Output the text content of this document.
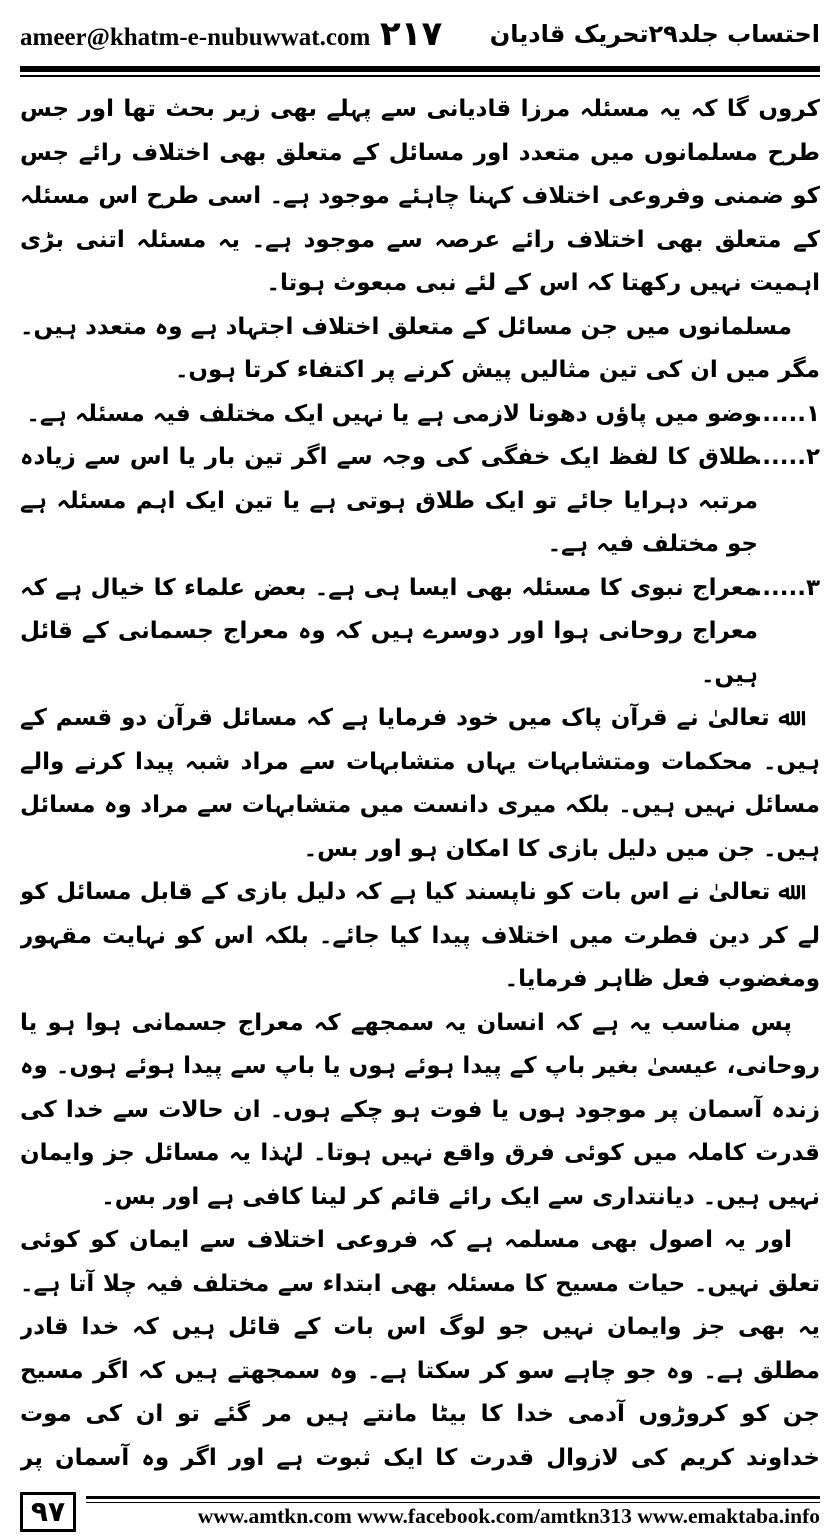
ameer@khatm-e-nubuwwat.com ۲۱۷ احتساب جلد۲۹تحریک قادیان

کروں گا کہ یہ مسئلہ مرزا قادیانی سے پہلے بھی زیر بحث تھا اور جس طرح مسلمانوں میں متعدد اور مسائل کے متعلق بھی اختلاف رائے جس کو ضمنی وفروعی اختلاف کہنا چاہئے موجود ہے۔ اسی طرح اس مسئلہ کے متعلق بھی اختلاف رائے عرصہ سے موجود ہے۔ یہ مسئلہ اتنی بڑی اہمیت نہیں رکھتا کہ اس کے لئے نبی مبعوث ہوتا۔

مسلمانوں میں جن مسائل کے متعلق اختلاف اجتہاد ہے وہ متعدد ہیں۔ مگر میں ان کی تین مثالیں پیش کرنے پر اکتفاء کرتا ہوں۔

۱......
وضو میں پاؤں دھونا لازمی ہے یا نہیں ایک مختلف فیہ مسئلہ ہے۔
۲......
طلاق کا لفظ ایک خفگی کی وجہ سے اگر تین بار یا اس سے زیادہ مرتبہ دہرایا جائے تو ایک طلاق ہوتی ہے یا تین ایک اہم مسئلہ ہے جو مختلف فیہ ہے۔
۳......
معراج نبوی کا مسئلہ بھی ایسا ہی ہے۔ بعض علماء کا خیال ہے کہ معراج روحانی ہوا اور دوسرے ہیں کہ وہ معراج جسمانی کے قائل ہیں۔

ﷲ تعالیٰ نے قرآن پاک میں خود فرمایا ہے کہ مسائل قرآن دو قسم کے ہیں۔ محکمات ومتشابہات یہاں متشابہات سے مراد شبہ پیدا کرنے والے مسائل نہیں ہیں۔ بلکہ میری دانست میں متشابہات سے مراد وہ مسائل ہیں۔ جن میں دلیل بازی کا امکان ہو اور بس۔

ﷲ تعالیٰ نے اس بات کو ناپسند کیا ہے کہ دلیل بازی کے قابل مسائل کو لے کر دین فطرت میں اختلاف پیدا کیا جائے۔ بلکہ اس کو نہایت مقہور ومغضوب فعل ظاہر فرمایا۔

پس مناسب یہ ہے کہ انسان یہ سمجھے کہ معراج جسمانی ہوا ہو یا روحانی، عیسیٰ بغیر باپ کے پیدا ہوئے ہوں یا باپ سے پیدا ہوئے ہوں۔ وہ زندہ آسمان پر موجود ہوں یا فوت ہو چکے ہوں۔ ان حالات سے خدا کی قدرت کاملہ میں کوئی فرق واقع نہیں ہوتا۔ لہٰذا یہ مسائل جز وایمان نہیں ہیں۔ دیانتداری سے ایک رائے قائم کر لینا کافی ہے اور بس۔

اور یہ اصول بھی مسلمہ ہے کہ فروعی اختلاف سے ایمان کو کوئی تعلق نہیں۔ حیات مسیح کا مسئلہ بھی ابتداء سے مختلف فیہ چلا آتا ہے۔ یہ بھی جز وایمان نہیں جو لوگ اس بات کے قائل ہیں کہ خدا قادر مطلق ہے۔ وہ جو چاہے سو کر سکتا ہے۔ وہ سمجھتے ہیں کہ اگر مسیح جن کو کروڑوں آدمی خدا کا بیٹا مانتے ہیں مر گئے تو ان کی موت خداوند کریم کی لازوال قدرت کا ایک ثبوت ہے اور اگر وہ آسمان پر

۹۷	www.amtkn.com www.facebook.com/amtkn313 www.emaktaba.info
